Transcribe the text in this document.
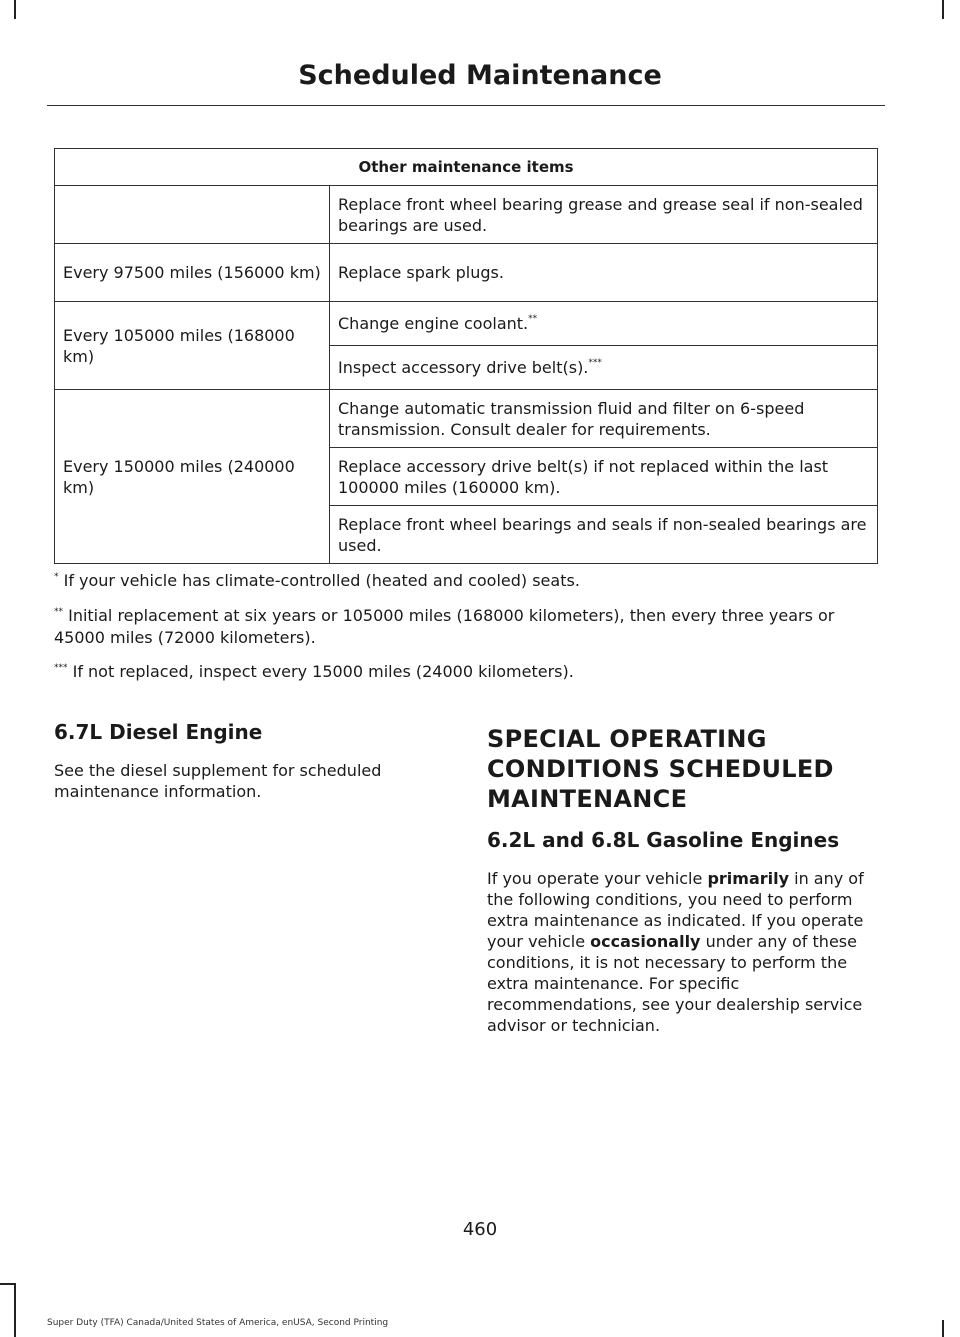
Scheduled Maintenance
Other maintenance items	
	Replace front wheel bearing grease and grease seal if non-sealed bearings are used.
Every 97500 miles (156000 km)	Replace spark plugs.
Every 105000 miles (168000 km)	Change engine coolant.**
	Inspect accessory drive belt(s).***
Every 150000 miles (240000 km)	Change automatic transmission fluid and filter on 6-speed transmission. Consult dealer for requirements.
	Replace accessory drive belt(s) if not replaced within the last 100000 miles (160000 km).
	Replace front wheel bearings and seals if non-sealed bearings are used.
* If your vehicle has climate-controlled (heated and cooled) seats.
** Initial replacement at six years or 105000 miles (168000 kilometers), then every three years or 45000 miles (72000 kilometers).
*** If not replaced, inspect every 15000 miles (24000 kilometers).
6.7L Diesel Engine
See the diesel supplement for scheduled maintenance information.
SPECIAL OPERATING
CONDITIONS SCHEDULED
MAINTENANCE
6.2L and 6.8L Gasoline Engines
If you operate your vehicle primarily in any of the following conditions, you need to perform extra maintenance as indicated. If you operate your vehicle occasionally under any of these conditions, it is not necessary to perform the extra maintenance. For specific recommendations, see your dealership service advisor or technician.
460
Super Duty (TFA) Canada/United States of America, enUSA, Second Printing
